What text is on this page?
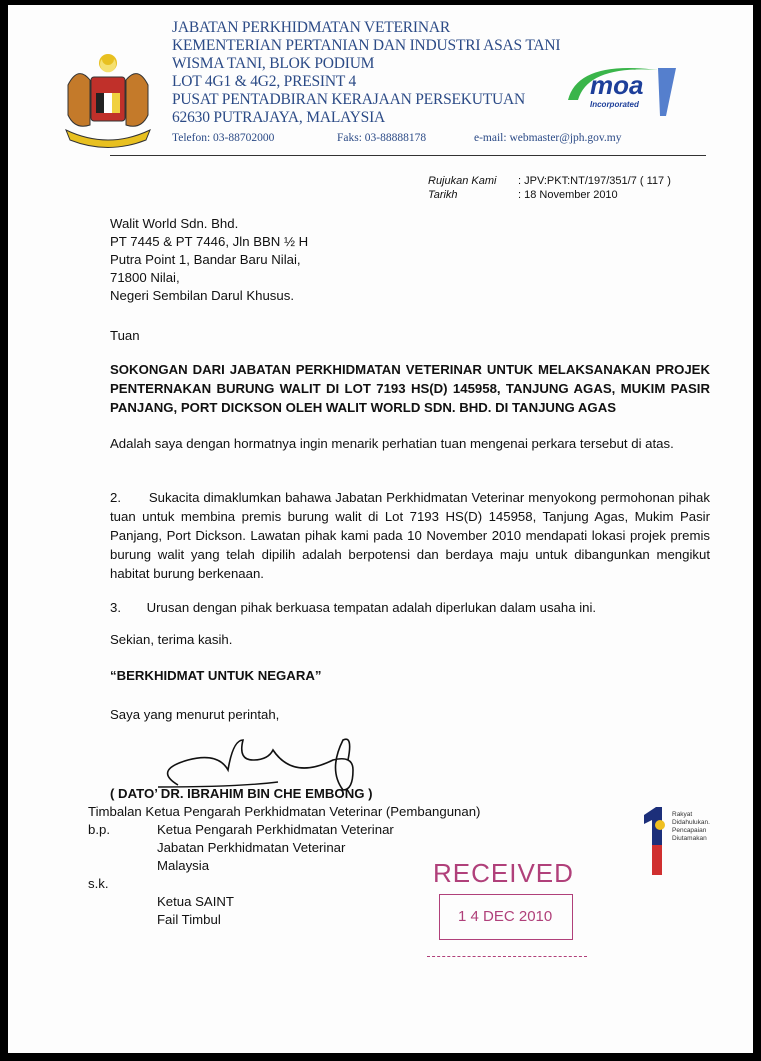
JABATAN PERKHIDMATAN VETERINAR
KEMENTERIAN PERTANIAN DAN INDUSTRI ASAS TANI
WISMA TANI, BLOK PODIUM
LOT 4G1 & 4G2, PRESINT 4
PUSAT PENTADBIRAN KERAJAAN PERSEKUTUAN
62630 PUTRAJAYA, MALAYSIA
moa
Incorporated
Telefon: 03-88702000	Faks: 03-88888178	e-mail: webmaster@jph.gov.my
Rujukan Kami : JPV:PKT:NT/197/351/7 ( 117 )
Tarikh	: 18 November 2010
Walit World Sdn. Bhd.
PT 7445 & PT 7446, Jln BBN ½ H
Putra Point 1, Bandar Baru Nilai,
71800 Nilai,
Negeri Sembilan Darul Khusus.
Tuan
SOKONGAN DARI JABATAN PERKHIDMATAN VETERINAR UNTUK MELAKSANAKAN PROJEK PENTERNAKAN BURUNG WALIT DI LOT 7193 HS(D) 145958, TANJUNG AGAS, MUKIM PASIR PANJANG, PORT DICKSON OLEH WALIT WORLD SDN. BHD. DI TANJUNG AGAS
Adalah saya dengan hormatnya ingin menarik perhatian tuan mengenai perkara tersebut di atas.
2.       Sukacita dimaklumkan bahawa Jabatan Perkhidmatan Veterinar menyokong permohonan pihak tuan untuk membina premis burung walit di Lot 7193 HS(D) 145958, Tanjung Agas, Mukim Pasir Panjang, Port Dickson. Lawatan pihak kami pada 10 November 2010 mendapati lokasi projek premis burung walit yang telah dipilih adalah berpotensi dan berdaya maju untuk dibangunkan mengikut habitat burung berkenaan.
3.       Urusan dengan pihak berkuasa tempatan adalah diperlukan dalam usaha ini.
Sekian, terima kasih.
“BERKHIDMAT UNTUK NEGARA”
Saya yang menurut perintah,
( DATO’ DR. IBRAHIM BIN CHE EMBONG )
Timbalan Ketua Pengarah Perkhidmatan Veterinar (Pembangunan)
b.p.	Ketua Pengarah Perkhidmatan Veterinar
Jabatan Perkhidmatan Veterinar
Malaysia
s.k.
Ketua SAINT
Fail Timbul
RECEIVED
1 4 DEC 2010
Rakyat
Didahulukan.
Pencapaian
Diutamakan
